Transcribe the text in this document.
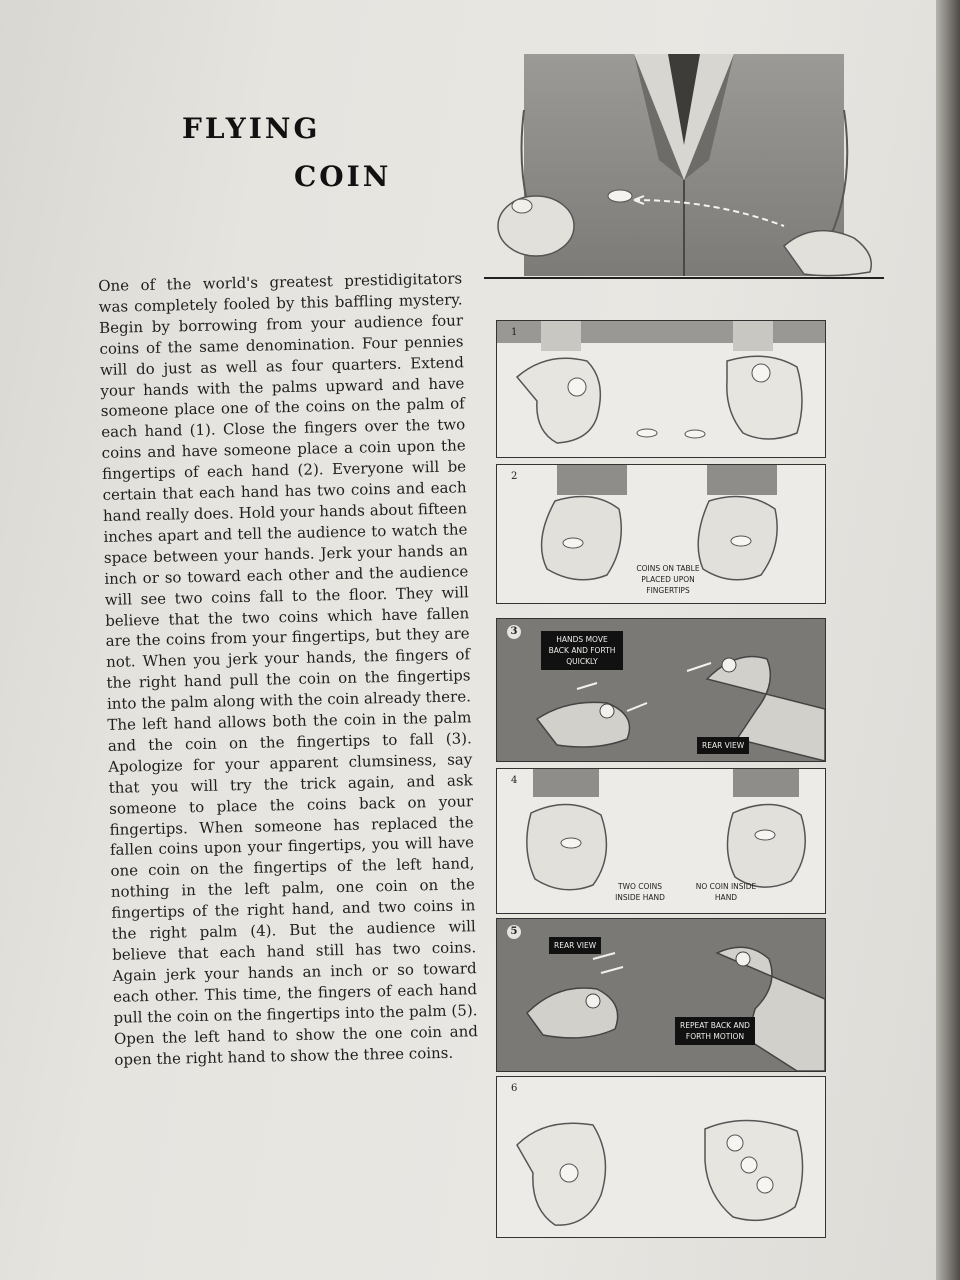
FLYING
COIN
One of the world's greatest prestidigitators was completely fooled by this baffling mystery. Begin by borrowing from your audience four coins of the same denomination. Four pennies will do just as well as four quarters. Extend your hands with the palms upward and have someone place one of the coins on the palm of each hand (1). Close the fingers over the two coins and have someone place a coin upon the fingertips of each hand (2). Everyone will be certain that each hand has two coins and each hand really does. Hold your hands about fifteen inches apart and tell the audience to watch the space between your hands. Jerk your hands an inch or so toward each other and the audience will see two coins fall to the floor. They will believe that the two coins which have fallen are the coins from your fingertips, but they are not. When you jerk your hands, the fingers of the right hand pull the coin on the fingertips into the palm along with the coin already there. The left hand allows both the coin in the palm and the coin on the fingertips to fall (3). Apologize for your apparent clumsiness, say that you will try the trick again, and ask someone to place the coins back on your fingertips. When someone has replaced the fallen coins upon your fingertips, you will have one coin on the fingertips of the left hand, nothing in the left palm, one coin on the fingertips of the right hand, and two coins in the right palm (4). But the audience will believe that each hand still has two coins. Again jerk your hands an inch or so toward each other. This time, the fingers of each hand pull the coin on the fingertips into the palm (5). Open the left hand to show the one coin and open the right hand to show the three coins.
1
2
COINS ON TABLE PLACED UPON FINGERTIPS
3
HANDS MOVE BACK AND FORTH QUICKLY
REAR VIEW
4
TWO COINS INSIDE HAND
NO COIN INSIDE HAND
5
REAR VIEW
REPEAT BACK AND FORTH MOTION
6
